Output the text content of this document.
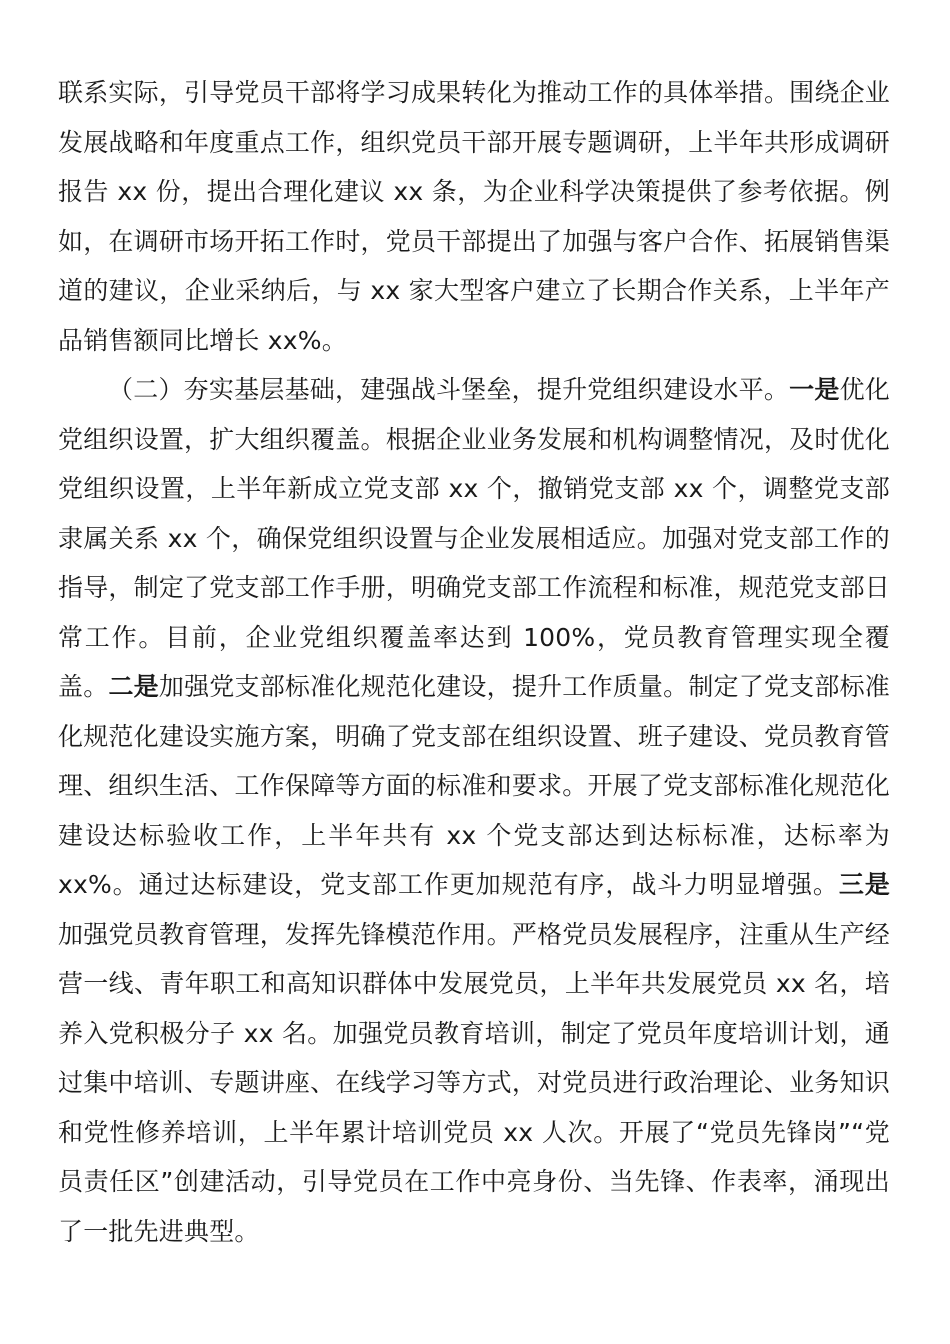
联系实际，引导党员干部将学习成果转化为推动工作的具体举措。围绕企业发展战略和年度重点工作，组织党员干部开展专题调研，上半年共形成调研报告 xx 份，提出合理化建议 xx 条，为企业科学决策提供了参考依据。例如，在调研市场开拓工作时，党员干部提出了加强与客户合作、拓展销售渠道的建议，企业采纳后，与 xx 家大型客户建立了长期合作关系，上半年产品销售额同比增长 xx%。

（二）夯实基层基础，建强战斗堡垒，提升党组织建设水平。一是优化党组织设置，扩大组织覆盖。根据企业业务发展和机构调整情况，及时优化党组织设置，上半年新成立党支部 xx 个，撤销党支部 xx 个，调整党支部隶属关系 xx 个，确保党组织设置与企业发展相适应。加强对党支部工作的指导，制定了党支部工作手册，明确党支部工作流程和标准，规范党支部日常工作。目前，企业党组织覆盖率达到 100%，党员教育管理实现全覆盖。二是加强党支部标准化规范化建设，提升工作质量。制定了党支部标准化规范化建设实施方案，明确了党支部在组织设置、班子建设、党员教育管理、组织生活、工作保障等方面的标准和要求。开展了党支部标准化规范化建设达标验收工作，上半年共有 xx 个党支部达到达标标准，达标率为 xx%。通过达标建设，党支部工作更加规范有序，战斗力明显增强。三是加强党员教育管理，发挥先锋模范作用。严格党员发展程序，注重从生产经营一线、青年职工和高知识群体中发展党员，上半年共发展党员 xx 名，培养入党积极分子 xx 名。加强党员教育培训，制定了党员年度培训计划，通过集中培训、专题讲座、在线学习等方式，对党员进行政治理论、业务知识和党性修养培训，上半年累计培训党员 xx 人次。开展了“党员先锋岗”“党员责任区”创建活动，引导党员在工作中亮身份、当先锋、作表率，涌现出了一批先进典型。
